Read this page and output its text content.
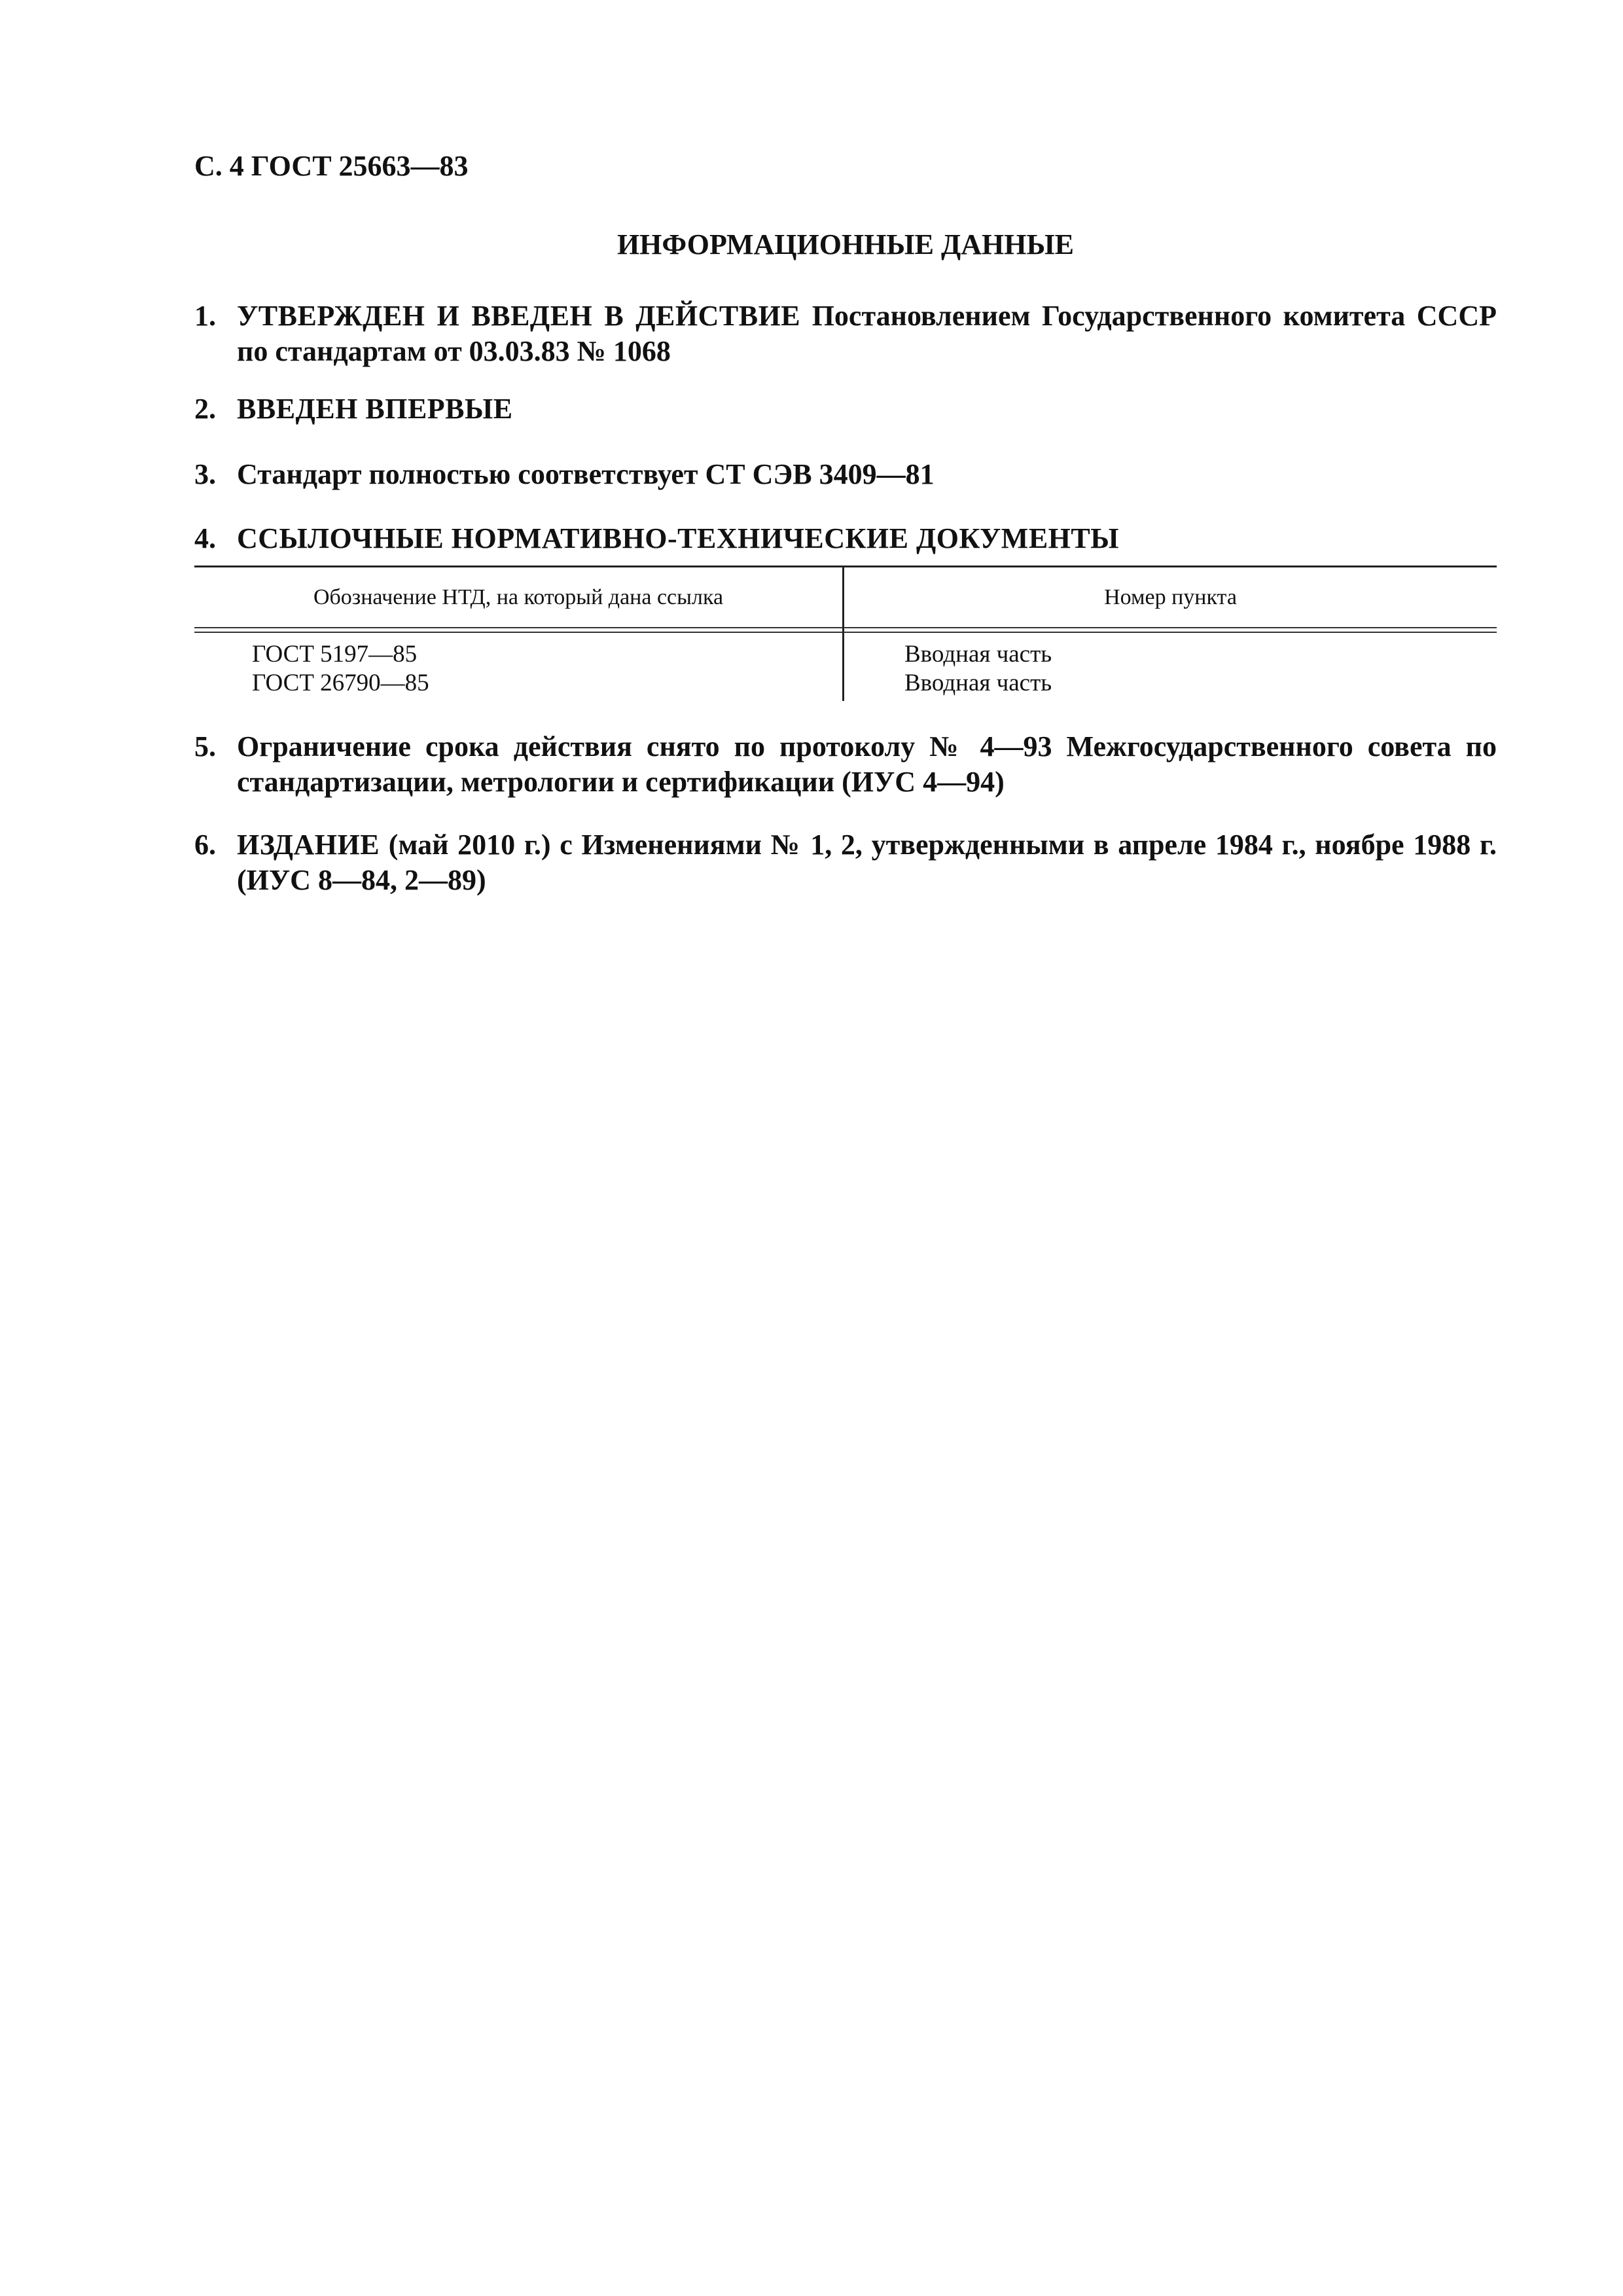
С. 4 ГОСТ 25663—83
ИНФОРМАЦИОННЫЕ ДАННЫЕ
1. УТВЕРЖДЕН И ВВЕДЕН В ДЕЙСТВИЕ Постановлением Государственного комитета СССР по стандартам от 03.03.83 № 1068
2. ВВЕДЕН ВПЕРВЫЕ
3. Стандарт полностью соответствует СТ СЭВ 3409—81
4. ССЫЛОЧНЫЕ НОРМАТИВНО-ТЕХНИЧЕСКИЕ ДОКУМЕНТЫ
Обозначение НТД, на который дана ссылка	Номер пункта
ГОСТ 5197—85	Вводная часть
ГОСТ 26790—85	Вводная часть
5. Ограничение срока действия снято по протоколу № 4—93 Межгосударственного совета по стандартизации, метрологии и сертификации (ИУС 4—94)
6. ИЗДАНИЕ (май 2010 г.) с Изменениями № 1, 2, утвержденными в апреле 1984 г., ноябре 1988 г. (ИУС 8—84, 2—89)
